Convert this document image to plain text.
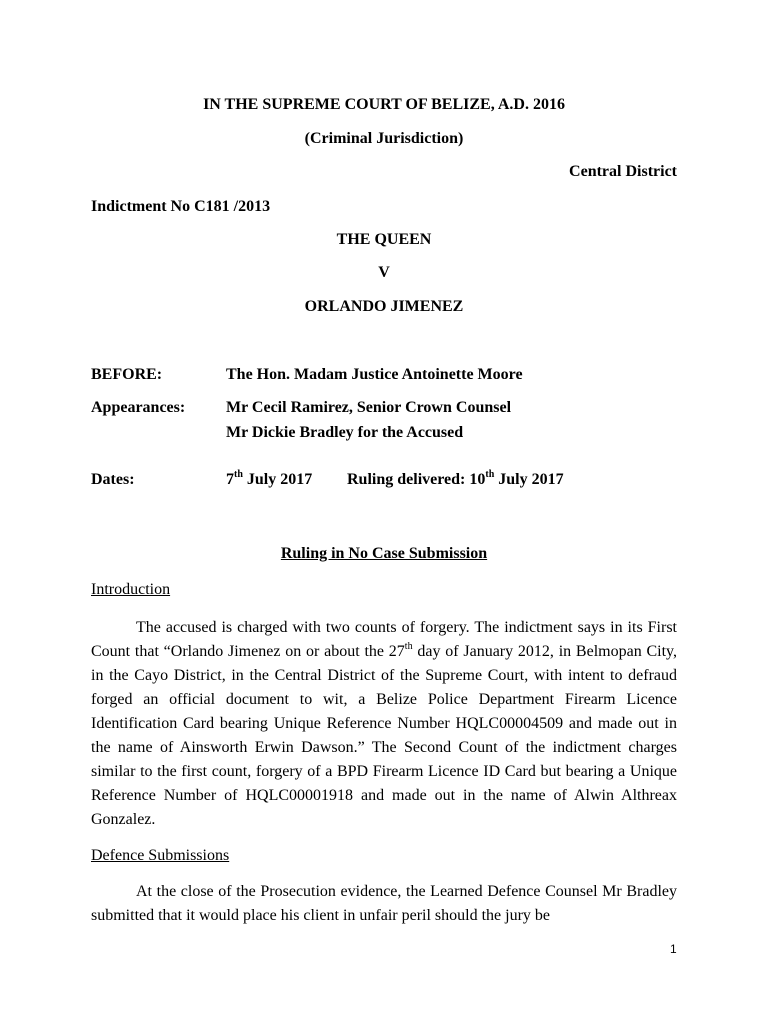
IN THE SUPREME COURT OF BELIZE, A.D. 2016
(Criminal Jurisdiction)
Central District
Indictment No C181 /2013
THE QUEEN
V
ORLANDO JIMENEZ
BEFORE:	The Hon. Madam Justice Antoinette Moore
Appearances:	Mr Cecil Ramirez, Senior Crown Counsel
Mr Dickie Bradley for the Accused
Dates:	7th July 2017 Ruling delivered: 10th July 2017
Ruling in No Case Submission
Introduction

The accused is charged with two counts of forgery. The indictment says in its First Count that “Orlando Jimenez on or about the 27th day of January 2012, in Belmopan City, in the Cayo District, in the Central District of the Supreme Court, with intent to defraud forged an official document to wit, a Belize Police Department Firearm Licence Identification Card bearing Unique Reference Number HQLC00004509 and made out in the name of Ainsworth Erwin Dawson.” The Second Count of the indictment charges similar to the first count, forgery of a BPD Firearm Licence ID Card but bearing a Unique Reference Number of HQLC00001918 and made out in the name of Alwin Althreax Gonzalez.

Defence Submissions

At the close of the Prosecution evidence, the Learned Defence Counsel Mr Bradley submitted that it would place his client in unfair peril should the jury be

1
